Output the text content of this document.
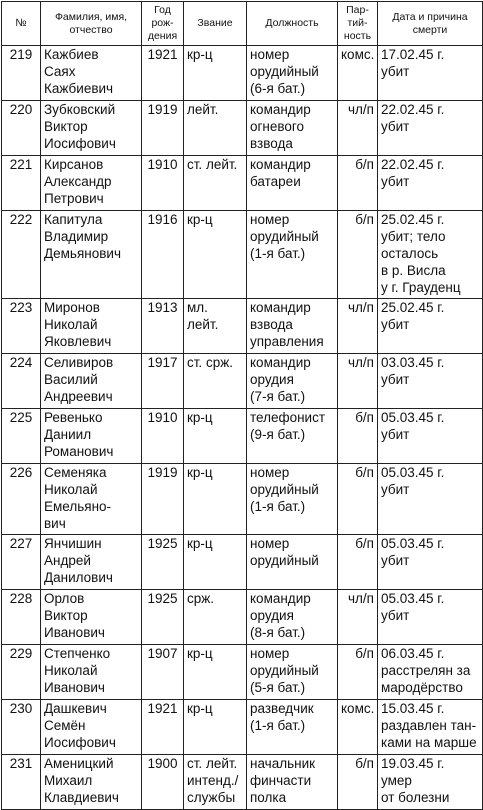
№	Фамилия, имя,
отчество	Год
рож-
дения	Звание	Должность	Пар-
тий-
ность	Дата и причина
смерти
219	Кажбиев
Саях
Кажбиевич	1921	кр-ц	номер
орудийный
(6-я бат.)	комс.	17.02.45 г.
убит
220	Зубковский
Виктор
Иосифович	1919	лейт.	командир
огневого
взвода	чл/п	22.02.45 г.
убит
221	Кирсанов
Александр
Петрович	1910	ст. лейт.	командир
батареи	б/п	22.02.45 г.
убит
222	Капитула
Владимир
Демьянович	1916	кр-ц	номер
орудийный
(1-я бат.)	б/п	25.02.45 г.
убит; тело
осталось
в р. Висла
у г. Грауденц
223	Миронов
Николай
Яковлевич	1913	мл.
лейт.	командир
взвода
управления	чл/п	25.02.45 г.
убит
224	Селивиров
Василий
Андреевич	1917	ст. срж.	командир
орудия
(7-я бат.)	чл/п	03.03.45 г.
убит
225	Ревенько
Даниил
Романович	1910	кр-ц	телефонист
(9-я бат.)	б/п	05.03.45 г.
убит
226	Семеняка
Николай
Емельяно-
вич	1919	кр-ц	номер
орудийный
(1-я бат.)	б/п	05.03.45 г.
убит
227	Янчишин
Андрей
Данилович	1925	кр-ц	номер
орудийный	б/п	05.03.45 г.
убит
228	Орлов
Виктор
Иванович	1925	срж.	командир
орудия
(8-я бат.)	чл/п	05.03.45 г.
убит
229	Степченко
Николай
Иванович	1907	кр-ц	номер
орудийный
(5-я бат.)	б/п	06.03.45 г.
расстрелян за
мародёрство
230	Дашкевич
Семён
Иосифович	1921	кр-ц	разведчик
(1-я бат.)	комс.	15.03.45 г.
раздавлен тан-
ками на марше
231	Аменицкий
Михаил
Клавдиевич	1900	ст. лейт.
интенд./
службы	начальник
финчасти
полка	б/п	19.03.45 г.
умер
от болезни
